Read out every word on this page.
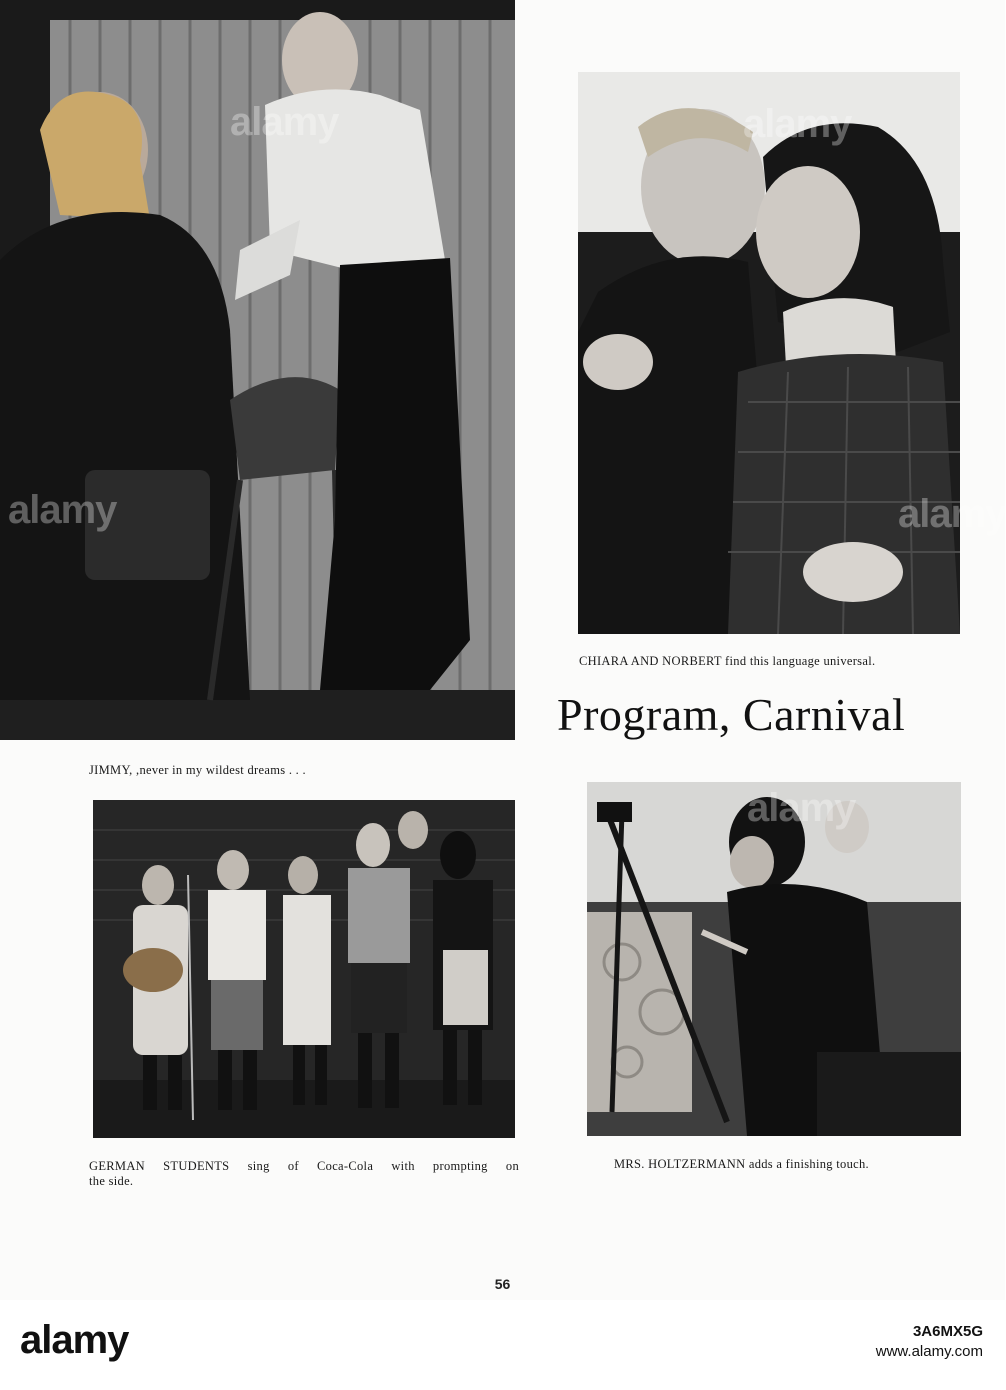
alamy
alamy
JIMMY, ,never in my wildest dreams . . .
alamy
alamy
CHIARA AND NORBERT find this language universal.
Program, Carnival
GERMAN STUDENTS sing of Coca-Cola with prompting on
the side.
alamy
MRS. HOLTZERMANN adds a finishing touch.
56
alamy	3A6MX5G
www.alamy.com
